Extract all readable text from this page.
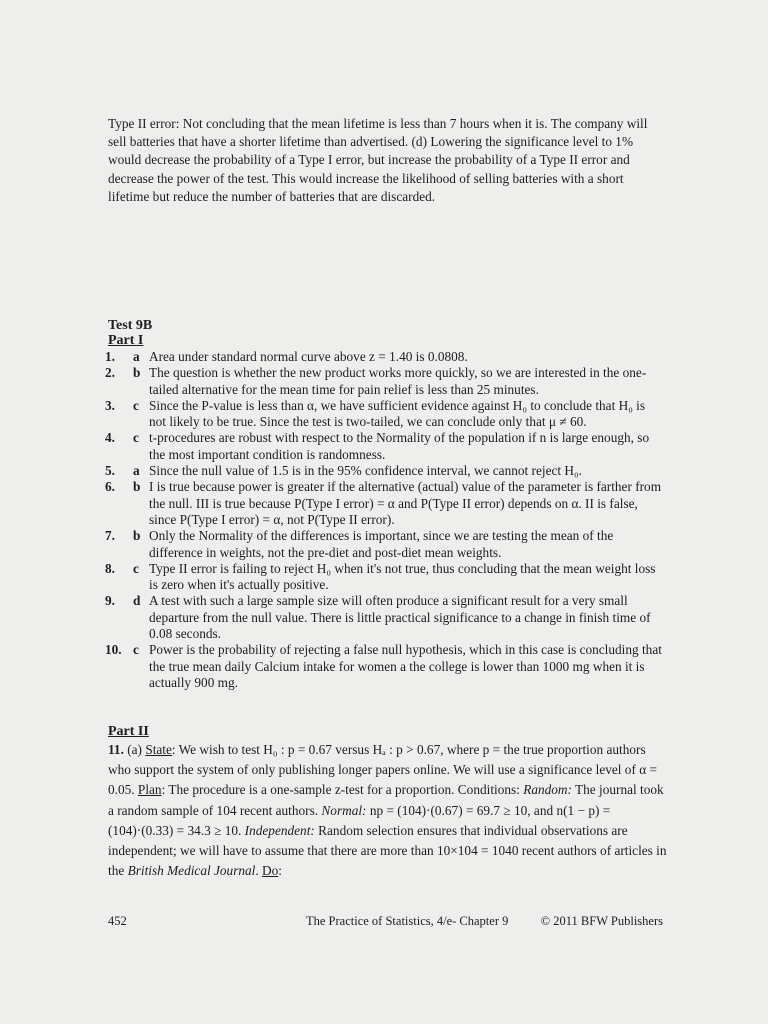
Type II error: Not concluding that the mean lifetime is less than 7 hours when it is. The company will sell batteries that have a shorter lifetime than advertised. (d) Lowering the significance level to 1% would decrease the probability of a Type I error, but increase the probability of a Type II error and decrease the power of the test. This would increase the likelihood of selling batteries with a short lifetime but reduce the number of batteries that are discarded.

Test 9B
Part I
1.	a Area under standard normal curve above z = 1.40 is 0.0808.
2.	b The question is whether the new product works more quickly, so we are interested in the one-tailed alternative for the mean time for pain relief is less than 25 minutes.
3.	c Since the P-value is less than α, we have sufficient evidence against H₀ to conclude that H₀ is not likely to be true. Since the test is two-tailed, we can conclude only that μ ≠ 60.
4.	c t-procedures are robust with respect to the Normality of the population if n is large enough, so the most important condition is randomness.
5.	a Since the null value of 1.5 is in the 95% confidence interval, we cannot reject H₀.
6.	b I is true because power is greater if the alternative (actual) value of the parameter is farther from the null. III is true because P(Type I error) = α and P(Type II error) depends on α. II is false, since P(Type I error) = α, not P(Type II error).
7.	b Only the Normality of the differences is important, since we are testing the mean of the difference in weights, not the pre-diet and post-diet mean weights.
8.	c Type II error is failing to reject H₀ when it's not true, thus concluding that the mean weight loss is zero when it's actually positive.
9.	d A test with such a large sample size will often produce a significant result for a very small departure from the null value. There is little practical significance to a change in finish time of 0.08 seconds.
10. c Power is the probability of rejecting a false null hypothesis, which in this case is concluding that the true mean daily Calcium intake for women a the college is lower than 1000 mg when it is actually 900 mg.
Part II
11. (a) State: We wish to test H₀ : p = 0.67 versus Hₐ : p > 0.67, where p = the true proportion authors who support the system of only publishing longer papers online. We will use a significance level of α = 0.05. Plan: The procedure is a one-sample z-test for a proportion. Conditions: Random: The journal took a random sample of 104 recent authors. Normal: np = (104)·(0.67) = 69.7 ≥ 10, and n(1 − p) = (104)·(0.33) = 34.3 ≥ 10. Independent: Random selection ensures that individual observations are independent; we will have to assume that there are more than 10×104 = 1040 recent authors of articles in the British Medical Journal. Do:
452	The Practice of Statistics, 4/e- Chapter 9	© 2011 BFW Publishers
